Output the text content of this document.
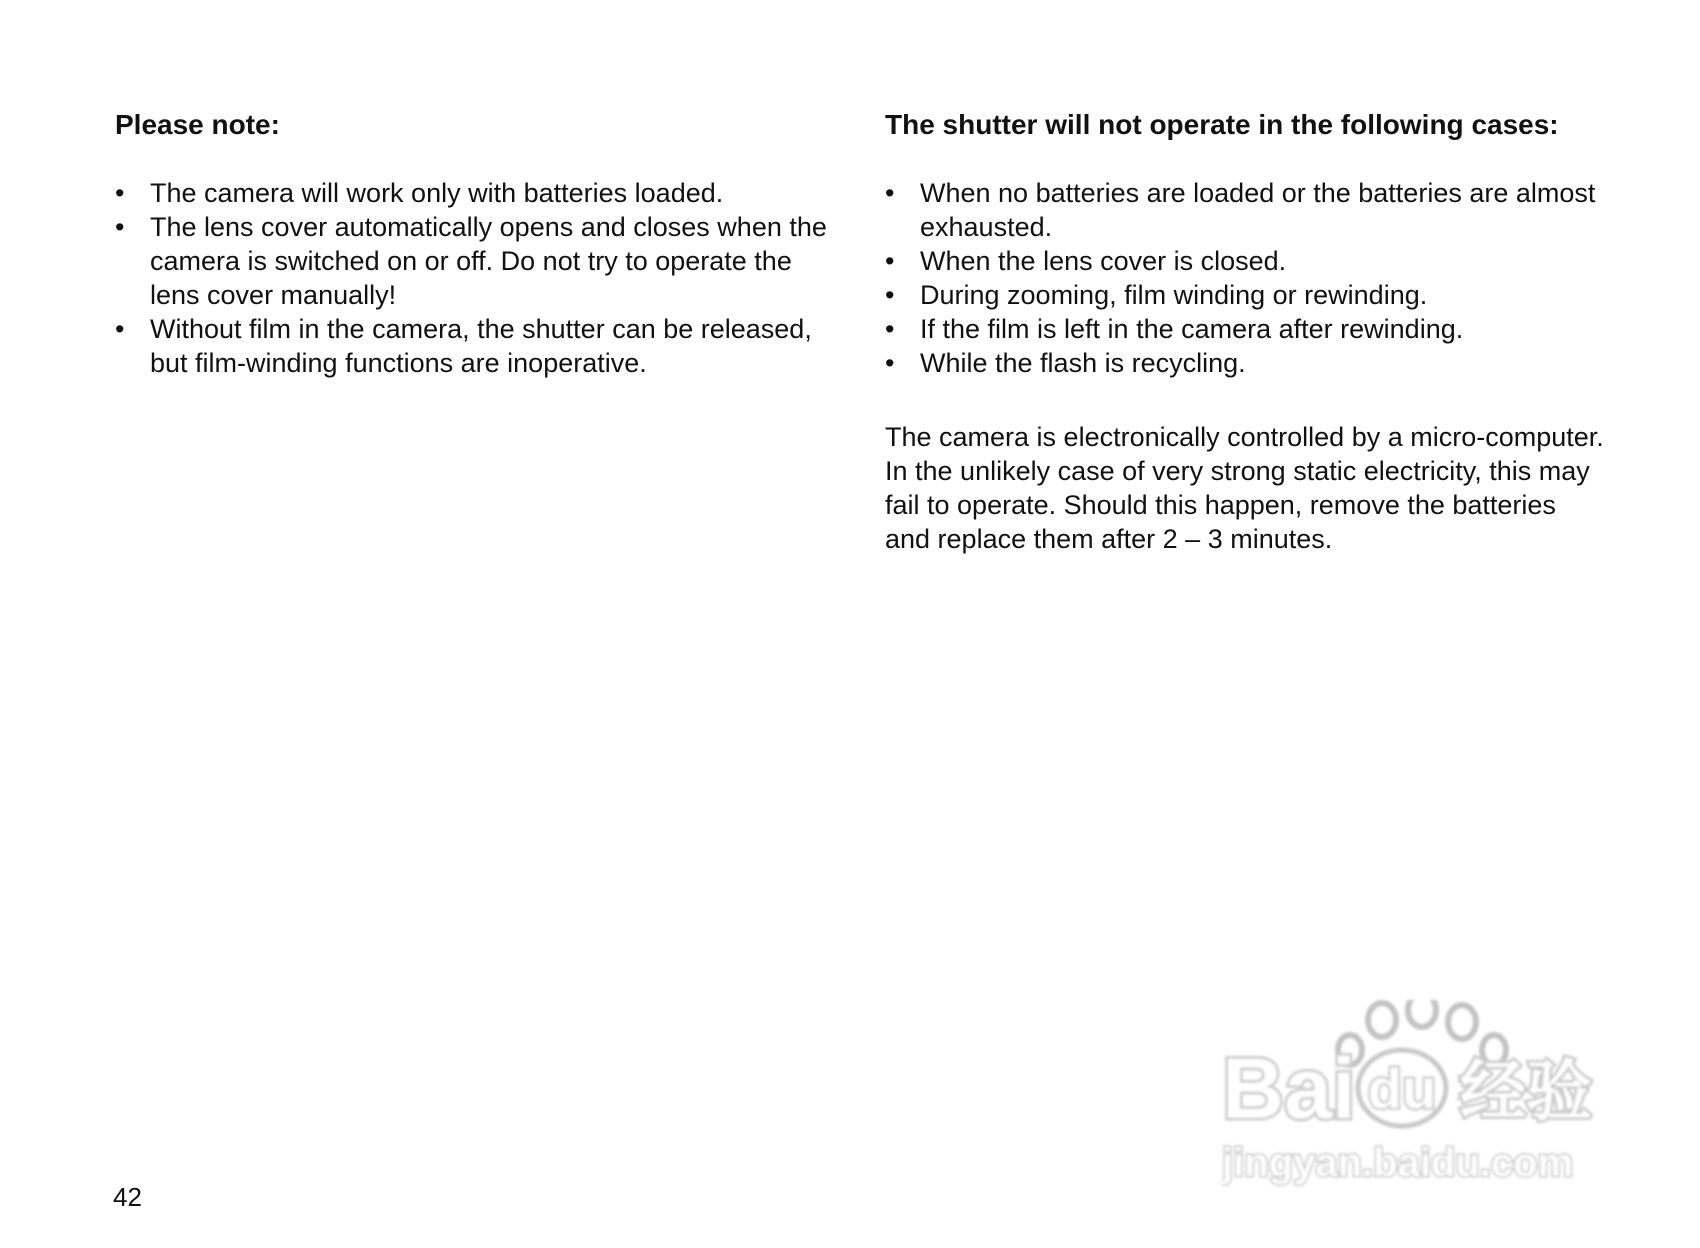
Please note:
• The camera will work only with batteries loaded.
• The lens cover automatically opens and closes when the camera is switched on or off. Do not try to operate the lens cover manually!
• Without film in the camera, the shutter can be released, but film-winding functions are inoperative.
The shutter will not operate in the following cases:
• When no batteries are loaded or the batteries are almost exhausted.
• When the lens cover is closed.
• During zooming, film winding or rewinding.
• If the film is left in the camera after rewinding.
• While the flash is recycling.
The camera is electronically controlled by a micro-computer. In the unlikely case of very strong static electricity, this may fail to operate. Should this happen, remove the batteries and replace them after 2 – 3 minutes.
42
Bai du 经验
jingyan.baidu.com
